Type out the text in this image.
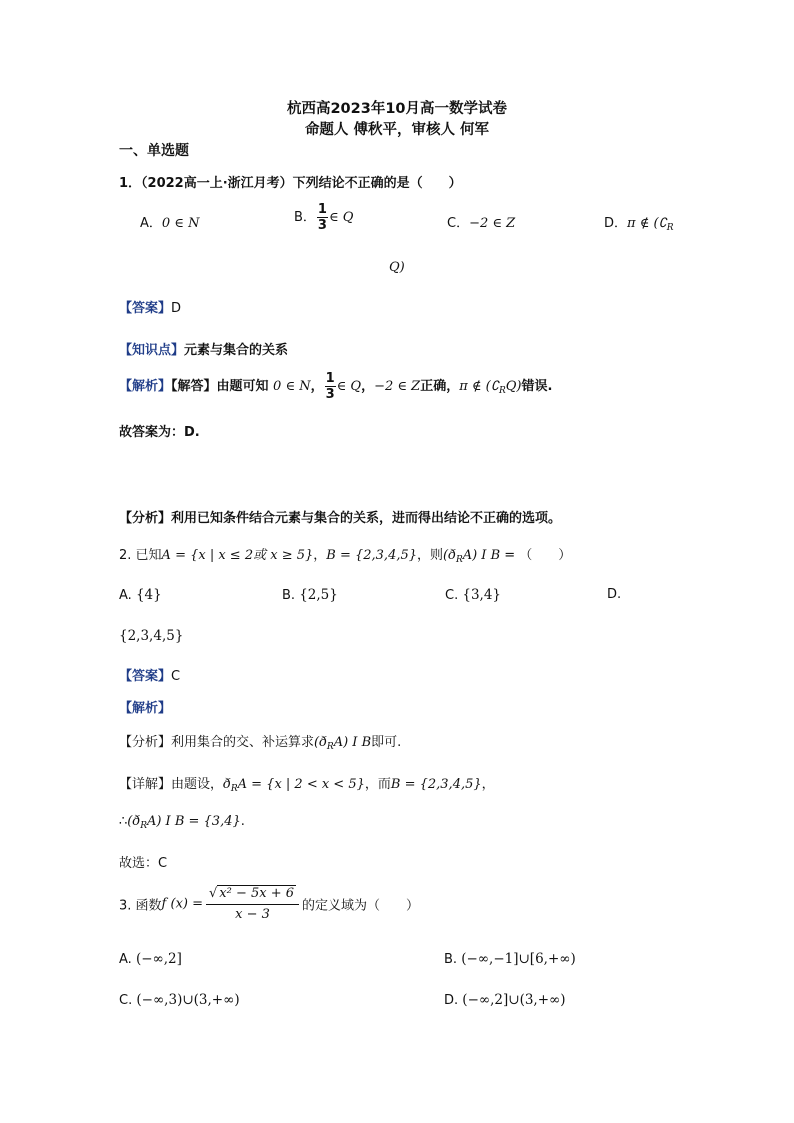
杭西高2023年10月高一数学试卷
命题人 傅秋平，审核人 何军
一、单选题
1．（2022高一上·浙江月考）下列结论不正确的是（　　）
A．0 ∈ N	B． $\frac{1}{3}$ ∈ Q	C．−2 ∈ Z	D．π ∉ ($∁_R$
Q)
【答案】D
【知识点】元素与集合的关系
【解析】【解答】由题可知 0 ∈ N， $\frac{1}{3}$ ∈ Q，−2 ∈ Z正确，π ∉ $(∁_RQ)$错误.
故答案为：D.
【分析】利用已知条件结合元素与集合的关系，进而得出结论不正确的选项。
2. 已知A = {x | x ≤ 2或 x ≥ 5}，B = {2,3,4,5}，则$(ð_RA)$ I B = （　　）
A. {4}	B. {2,5}	C. {3,4}	D.
{2,3,4,5}
【答案】C
【解析】
【分析】利用集合的交、补运算求$(ð_RA)$ I B即可.
【详解】由题设，$ð_RA = \{x$ | 2 < x < 5}，而B = {2,3,4,5}，
$\therefore(ð_RA)$ I B = {3,4}.
故选：C
3. 函数f $(x) = \frac{\text{√ x² − 5x + 6}}{x - 3}$ 的定义域为（　　）
A. (−∞,2]	B. (−∞,−1]∪[6,+∞)
C. (−∞,3)∪(3,+∞)	D. (−∞,2]∪(3,+∞)
